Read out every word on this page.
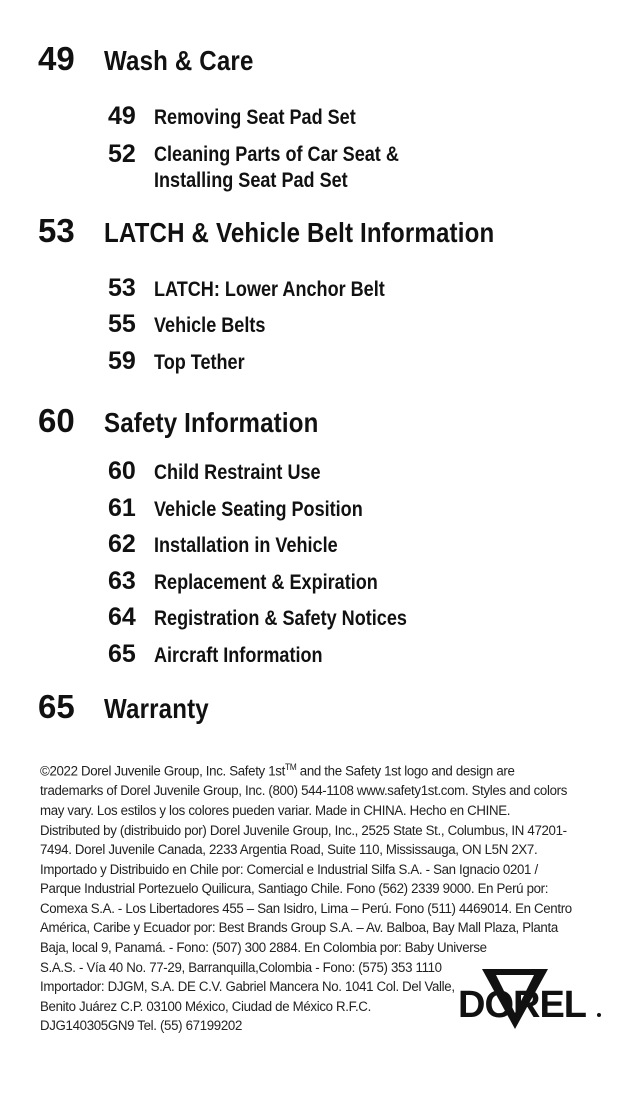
49	Wash & Care
49 Removing Seat Pad Set
52 Cleaning Parts of Car Seat &
Installing Seat Pad Set
53	LATCH & Vehicle Belt Information
53 LATCH: Lower Anchor Belt
55 Vehicle Belts
59 Top Tether
60	Safety Information
60 Child Restraint Use
61 Vehicle Seating Position
62 Installation in Vehicle
63 Replacement & Expiration
64 Registration & Safety Notices
65 Aircraft Information
65	Warranty

©2022 Dorel Juvenile Group, Inc. Safety 1st™ and the Safety 1st logo and design are trademarks of Dorel Juvenile Group, Inc. (800) 544-1108 www.safety1st.com. Styles and colors may vary. Los estilos y los colores pueden variar. Made in CHINA. Hecho en CHINE. Distributed by (distribuido por) Dorel Juvenile Group, Inc., 2525 State St., Columbus, IN 47201-7494. Dorel Juvenile Canada, 2233 Argentia Road, Suite 110, Mississauga, ON L5N 2X7. Importado y Distribuido en Chile por: Comercial e Industrial Silfa S.A. - San Ignacio 0201 / Parque Industrial Portezuelo Quilicura, Santiago Chile. Fono (562) 2339 9000. En Perú por: Comexa S.A. - Los Libertadores 455 – San Isidro, Lima – Perú. Fono (511) 4469014. En Centro América, Caribe y Ecuador por: Best Brands Group S.A. – Av. Balboa, Bay Mall Plaza, Planta Baja, local 9, Panamá. - Fono: (507) 300 2884. En Colombia por: Baby Universe
S.A.S. - Vía 40 No. 77-29, Barranquilla,Colombia - Fono: (575) 353 1110 Importador: DJGM, S.A. DE C.V. Gabriel Mancera No. 1041 Col. Del Valle, Benito Juárez C.P. 03100 México, Ciudad de México R.F.C. DJG140305GN9 Tel. (55) 67199202

DOREL
